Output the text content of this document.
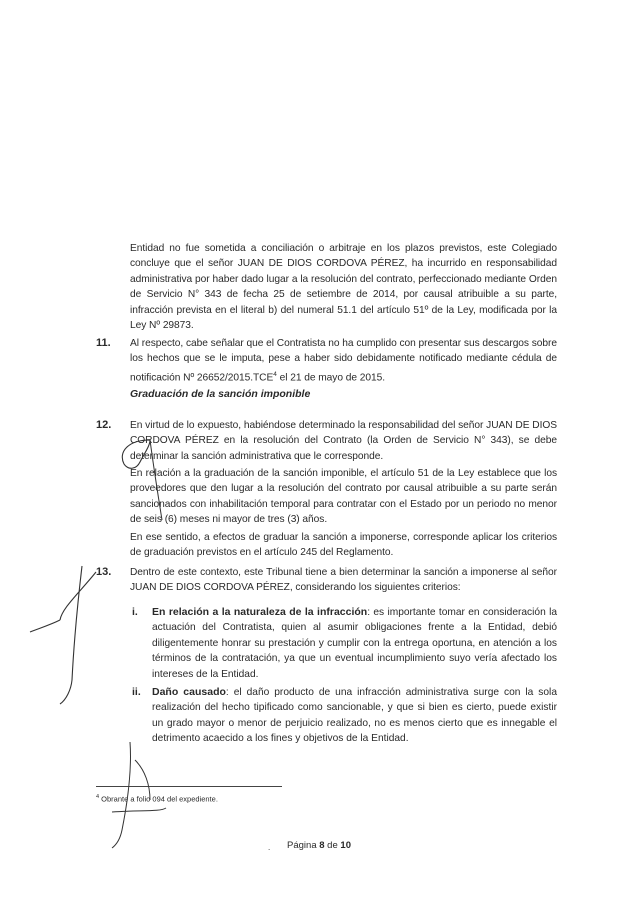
Entidad no fue sometida a conciliación o arbitraje en los plazos previstos, este Colegiado concluye que el señor JUAN DE DIOS CORDOVA PÉREZ, ha incurrido en responsabilidad administrativa por haber dado lugar a la resolución del contrato, perfeccionado mediante Orden de Servicio N° 343 de fecha 25 de setiembre de 2014, por causal atribuible a su parte, infracción prevista en el literal b) del numeral 51.1 del artículo 51º de la Ley, modificada por la Ley Nº 29873.

11. Al respecto, cabe señalar que el Contratista no ha cumplido con presentar sus descargos sobre los hechos que se le imputa, pese a haber sido debidamente notificado mediante cédula de notificación Nº 26652/2015.TCE$^4$ el 21 de mayo de 2015.

Graduación de la sanción imponible
12. En virtud de lo expuesto, habiéndose determinado la responsabilidad del señor JUAN DE DIOS CORDOVA PÉREZ en la resolución del Contrato (la Orden de Servicio N° 343), se debe determinar la sanción administrativa que le corresponde.

En relación a la graduación de la sanción imponible, el artículo 51 de la Ley establece que los proveedores que den lugar a la resolución del contrato por causal atribuible a su parte serán sancionados con inhabilitación temporal para contratar con el Estado por un periodo no menor de seis (6) meses ni mayor de tres (3) años.

En ese sentido, a efectos de graduar la sanción a imponerse, corresponde aplicar los criterios de graduación previstos en el artículo 245 del Reglamento.

13. Dentro de este contexto, este Tribunal tiene a bien determinar la sanción a imponerse al señor JUAN DE DIOS CORDOVA PÉREZ, considerando los siguientes criterios:

i. En relación a la naturaleza de la infracción: es importante tomar en consideración la actuación del Contratista, quien al asumir obligaciones frente a la Entidad, debió diligentemente honrar su prestación y cumplir con la entrega oportuna, en atención a los términos de la contratación, ya que un eventual incumplimiento suyo vería afectado los intereses de la Entidad.

ii. Daño causado: el daño producto de una infracción administrativa surge con la sola realización del hecho tipificado como sancionable, y que si bien es cierto, puede existir un grado mayor o menor de perjuicio realizado, no es menos cierto que es innegable el detrimento acaecido a los fines y objetivos de la Entidad.

$^4$ Obrante a folio 094 del expediente.
.	Página 8 de 10
